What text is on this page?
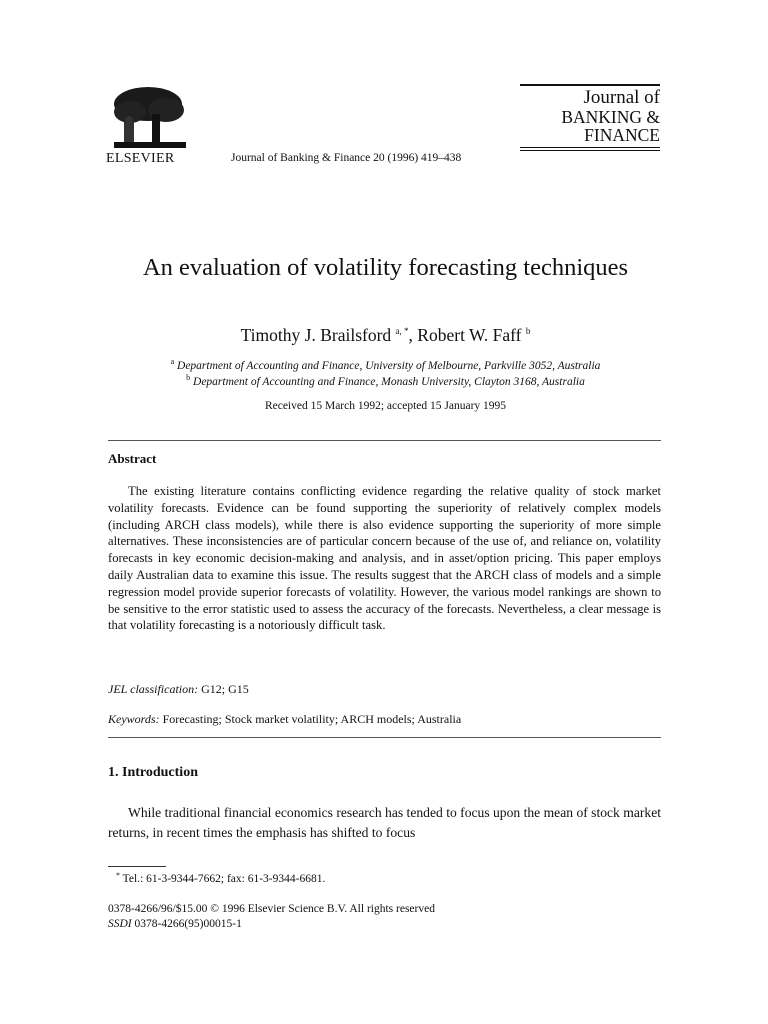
ELSEVIER	Journal of Banking & Finance 20 (1996) 419–438
Journal of
BANKING &
FINANCE
An evaluation of volatility forecasting techniques
Timothy J. Brailsford $^{a, *}$, Robert W. Faff $^b$
$^a$ Department of Accounting and Finance, University of Melbourne, Parkville 3052, Australia
$^b$ Department of Accounting and Finance, Monash University, Clayton 3168, Australia
Received 15 March 1992; accepted 15 January 1995
Abstract

The existing literature contains conflicting evidence regarding the relative quality of stock market volatility forecasts. Evidence can be found supporting the superiority of relatively complex models (including ARCH class models), while there is also evidence supporting the superiority of more simple alternatives. These inconsistencies are of particular concern because of the use of, and reliance on, volatility forecasts in key economic decision-making and analysis, and in asset/option pricing. This paper employs daily Australian data to examine this issue. The results suggest that the ARCH class of models and a simple regression model provide superior forecasts of volatility. However, the various model rankings are shown to be sensitive to the error statistic used to assess the accuracy of the forecasts. Nevertheless, a clear message is that volatility forecasting is a notoriously difficult task.

JEL classification: G12; G15
Keywords: Forecasting; Stock market volatility; ARCH models; Australia
1. Introduction

While traditional financial economics research has tended to focus upon the mean of stock market returns, in recent times the emphasis has shifted to focus

* Tel.: 61-3-9344-7662; fax: 61-3-9344-6681.
0378-4266/96/$15.00 © 1996 Elsevier Science B.V. All rights reserved
SSDI 0378-4266(95)00015-1
